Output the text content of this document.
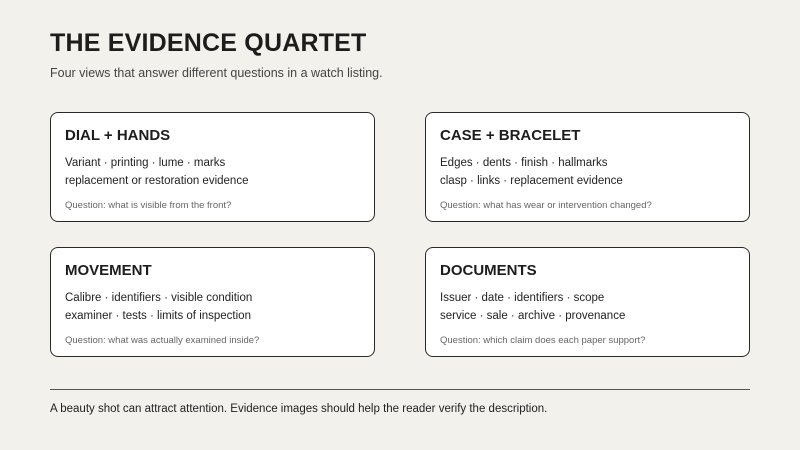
THE EVIDENCE QUARTET

Four views that answer different questions in a watch listing.

DIAL + HANDS
Variant · printing · lume · marks
replacement or restoration evidence
Question: what is visible from the front?
CASE + BRACELET
Edges · dents · finish · hallmarks
clasp · links · replacement evidence
Question: what has wear or intervention changed?
MOVEMENT
Calibre · identifiers · visible condition
examiner · tests · limits of inspection
Question: what was actually examined inside?
DOCUMENTS
Issuer · date · identifiers · scope
service · sale · archive · provenance
Question: which claim does each paper support?
A beauty shot can attract attention. Evidence images should help the reader verify the description.
